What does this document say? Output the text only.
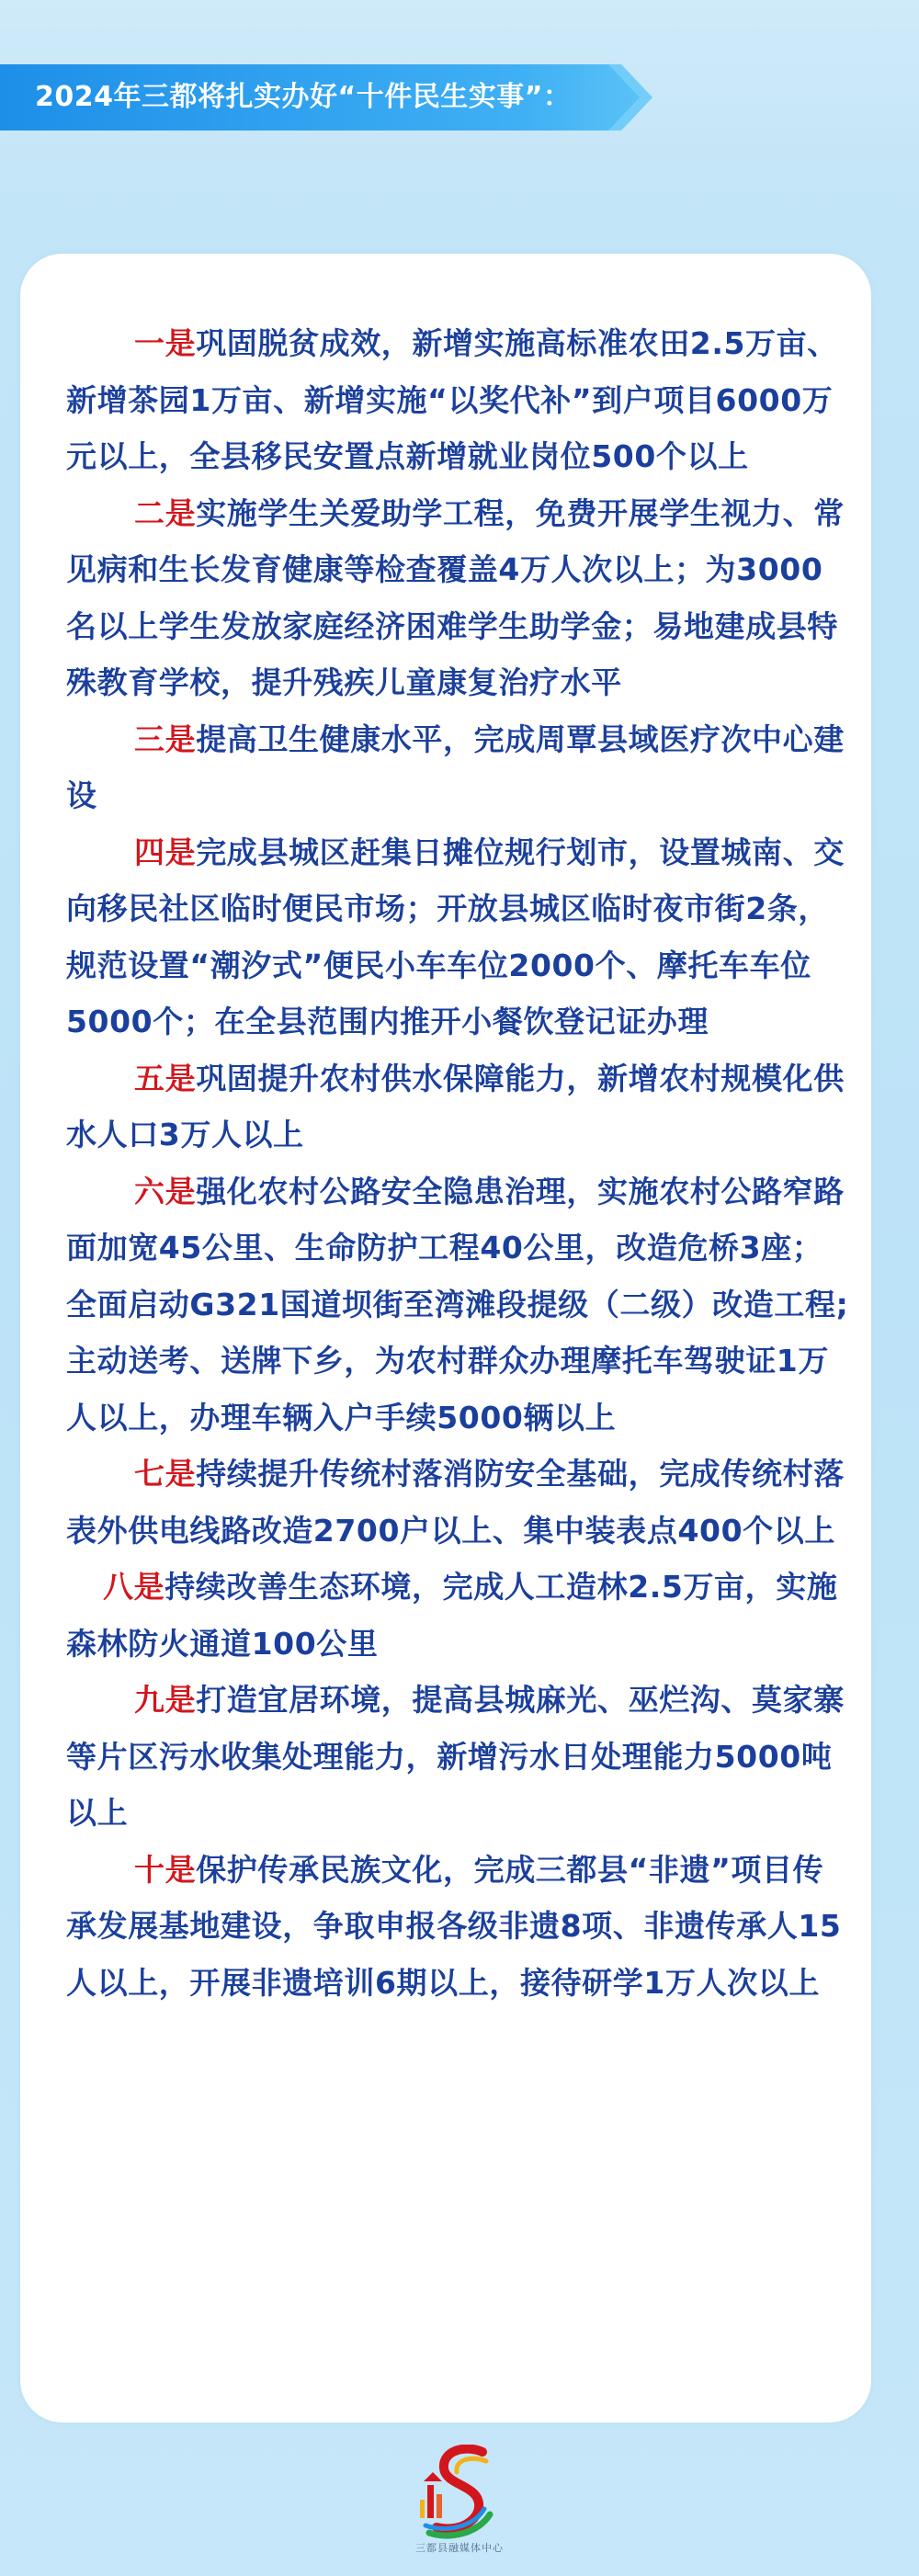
2024年三都将扎实办好“十件民生实事”：

一是巩固脱贫成效，新增实施高标准农田2.5万亩、新增茶园1万亩、新增实施“以奖代补”到户项目6000万元以上，全县移民安置点新增就业岗位500个以上

二是实施学生关爱助学工程，免费开展学生视力、常见病和生长发育健康等检查覆盖4万人次以上；为3000名以上学生发放家庭经济困难学生助学金；易地建成县特殊教育学校，提升残疾儿童康复治疗水平

三是提高卫生健康水平，完成周覃县域医疗次中心建设

四是完成县城区赶集日摊位规行划市，设置城南、交向移民社区临时便民市场；开放县城区临时夜市街2条，规范设置“潮汐式”便民小车车位2000个、摩托车车位5000个；在全县范围内推开小餐饮登记证办理

五是巩固提升农村供水保障能力，新增农村规模化供水人口3万人以上

六是强化农村公路安全隐患治理，实施农村公路窄路面加宽45公里、生命防护工程40公里，改造危桥3座；全面启动G321国道坝街至湾滩段提级（二级）改造工程;主动送考、送牌下乡，为农村群众办理摩托车驾驶证1万人以上，办理车辆入户手续5000辆以上

七是持续提升传统村落消防安全基础，完成传统村落表外供电线路改造2700户以上、集中装表点400个以上

八是持续改善生态环境，完成人工造林2.5万亩，实施森林防火通道100公里

九是打造宜居环境，提高县城麻光、巫烂沟、莫家寨等片区污水收集处理能力，新增污水日处理能力5000吨以上

十是保护传承民族文化，完成三都县“非遗”项目传承发展基地建设，争取申报各级非遗8项、非遗传承人15人以上，开展非遗培训6期以上，接待研学1万人次以上

三都县融媒体中心
